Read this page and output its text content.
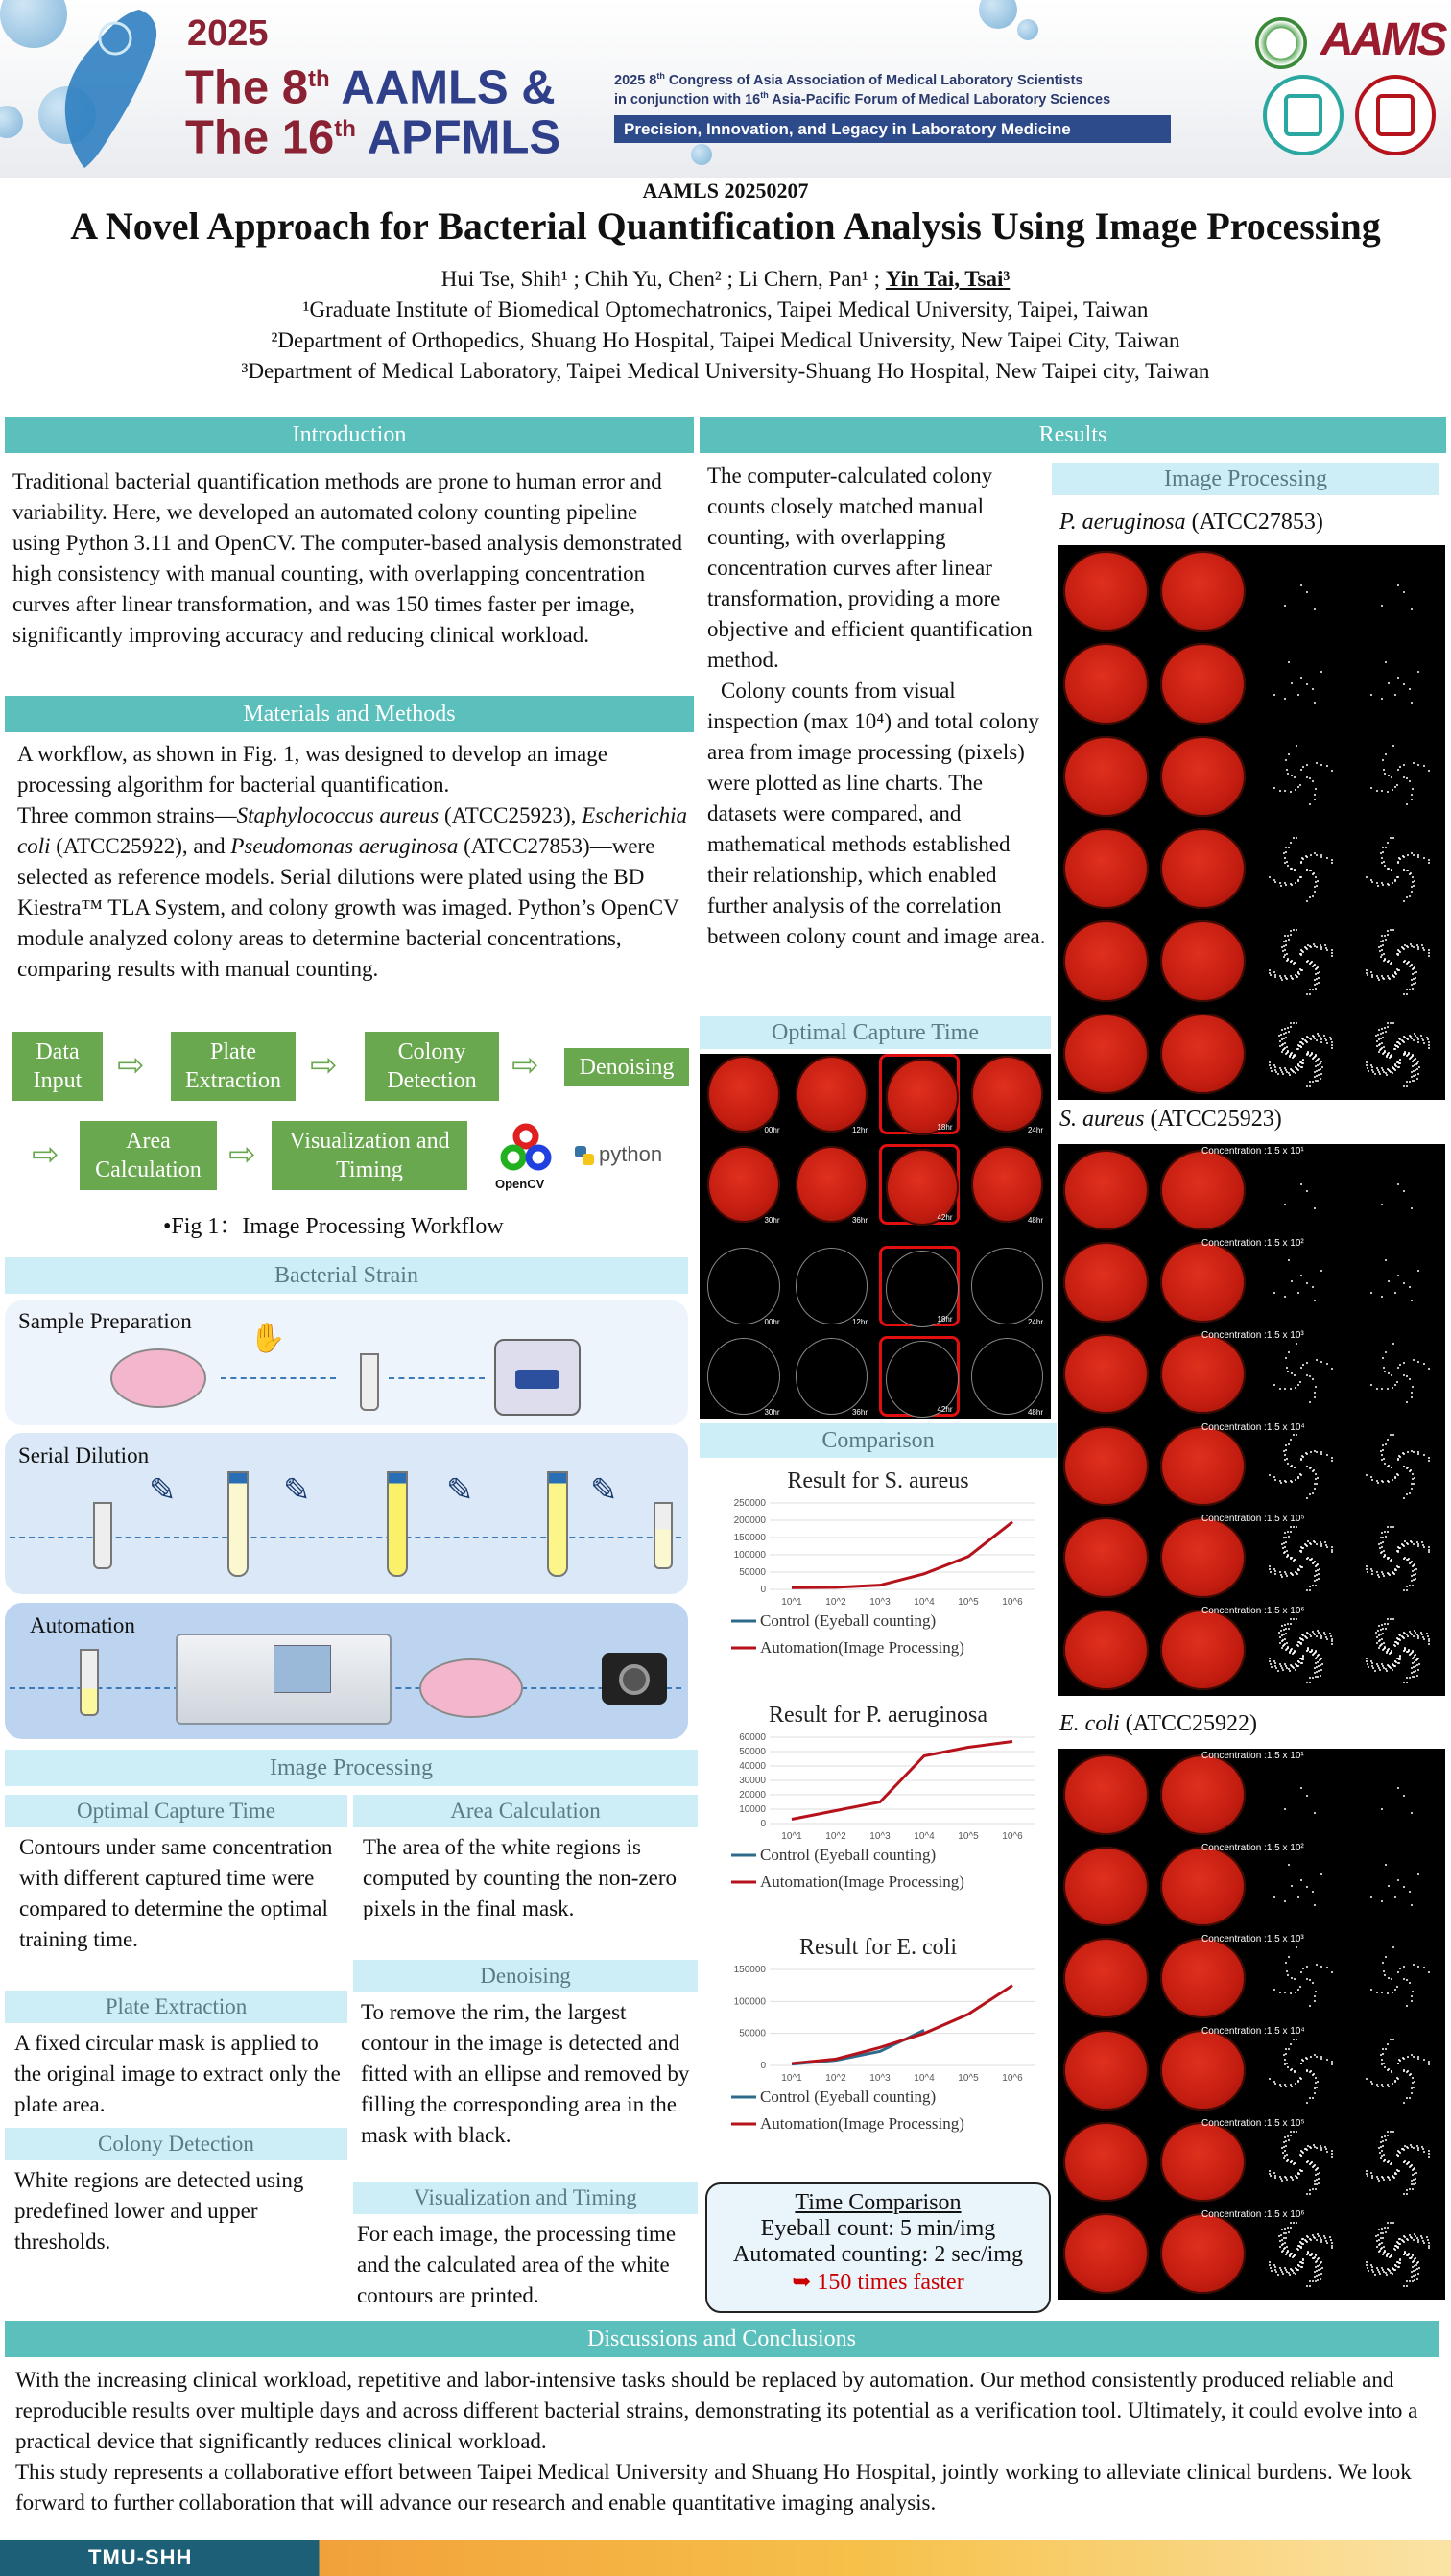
2025
The 8th AAMLS &
The 16th APFMLS
2025 8th Congress of Asia Association of Medical Laboratory Scientists
in conjunction with 16th Asia-Pacific Forum of Medical Laboratory Sciences
Precision, Innovation, and Legacy in Laboratory Medicine
AAMS
AAMLS 20250207
A Novel Approach for Bacterial Quantification Analysis Using Image Processing
Hui Tse, Shih¹ ; Chih Yu, Chen² ; Li Chern, Pan¹ ; Yin Tai, Tsai³
¹Graduate Institute of Biomedical Optomechatronics, Taipei Medical University, Taipei, Taiwan
²Department of Orthopedics, Shuang Ho Hospital, Taipei Medical University, New Taipei City, Taiwan
³Department of Medical Laboratory, Taipei Medical University-Shuang Ho Hospital, New Taipei city, Taiwan
Introduction
Traditional bacterial quantification methods are prone to human error and variability. Here, we developed an automated colony counting pipeline using Python 3.11 and OpenCV. The computer-based analysis demonstrated high consistency with manual counting, with overlapping concentration curves after linear transformation, and was 150 times faster per image, significantly improving accuracy and reducing clinical workload.
Materials and Methods
A workflow, as shown in Fig. 1, was designed to develop an image processing algorithm for bacterial quantification.
Three common strains—Staphylococcus aureus (ATCC25923), Escherichia coli (ATCC25922), and Pseudomonas aeruginosa (ATCC27853)—were selected as reference models. Serial dilutions were plated using the BD Kiestra™ TLA System, and colony growth was imaged. Python’s OpenCV module analyzed colony areas to determine bacterial concentrations, comparing results with manual counting.
Data Input	⇨	Plate Extraction ⇨	Colony Detection	⇨	Denoising
⇨	Area Calculation ⇨	Visualization and Timing
OpenCV
python
•Fig 1：Image Processing Workflow
Bacterial Strain
Sample Preparation
✋
Serial Dilution
✎	✎	✎	✎
Automation
Image Processing
Optimal Capture Time
Contours under same concentration with different captured time were compared to determine the optimal training time.
Plate Extraction
A fixed circular mask is applied to the original image to extract only the plate area.
Colony Detection
White regions are detected using predefined lower and upper thresholds.
Area Calculation
The area of the white regions is computed by counting the non-zero pixels in the final mask.
Denoising
To remove the rim, the largest contour in the image is detected and fitted with an ellipse and removed by filling the corresponding area in the mask with black.
Visualization and Timing
For each image, the processing time and the calculated area of the white contours are printed.
Results
The computer-calculated colony counts closely matched manual counting, with overlapping concentration curves after linear transformation, providing a more objective and efficient quantification method.
Colony counts from visual inspection (max 10⁴) and total colony area from image processing (pixels) were plotted as line charts. The datasets were compared, and mathematical methods established their relationship, which enabled further analysis of the correlation between colony count and image area.
Optimal Capture Time
00hr	12hr	18hr	24hr
30hr	36hr	42hr	48hr
00hr	12hr	18hr	24hr
30hr	36hr	42hr	48hr
Comparison
Result for S. aureus
0
50000
100000
150000
200000
250000
10^1 10^2 10^3 10^4 10^5 10^6
Control (Eyeball counting)
Automation(Image Processing)
Result for P. aeruginosa
0
10000
20000
30000
40000
50000
60000
10^1 10^2 10^3 10^4 10^5 10^6
Control (Eyeball counting)
Automation(Image Processing)
Result for E. coli
0
50000
100000
150000
10^1 10^2 10^3 10^4 10^5 10^6
Control (Eyeball counting)
Automation(Image Processing)
Time Comparison
Eyeball count: 5 min/img
Automated counting: 2 sec/img
➥ 150 times faster
Image Processing
P. aeruginosa (ATCC27853)
S. aureus (ATCC25923)
Concentration :1.5 x 10¹
Concentration :1.5 x 10²
Concentration :1.5 x 10³
Concentration :1.5 x 10⁴
Concentration :1.5 x 10⁵
Concentration :1.5 x 10⁶
E. coli (ATCC25922)
Concentration :1.5 x 10¹
Concentration :1.5 x 10²
Concentration :1.5 x 10³
Concentration :1.5 x 10⁴
Concentration :1.5 x 10⁵
Concentration :1.5 x 10⁶
Discussions and Conclusions
With the increasing clinical workload, repetitive and labor-intensive tasks should be replaced by automation. Our method consistently produced reliable and reproducible results over multiple days and across different bacterial strains, demonstrating its potential as a verification tool. Ultimately, it could evolve into a practical device that significantly reduces clinical workload.
This study represents a collaborative effort between Taipei Medical University and Shuang Ho Hospital, jointly working to alleviate clinical burdens. We look forward to further collaboration that will advance our research and enable quantitative imaging analysis.
TMU-SHH
